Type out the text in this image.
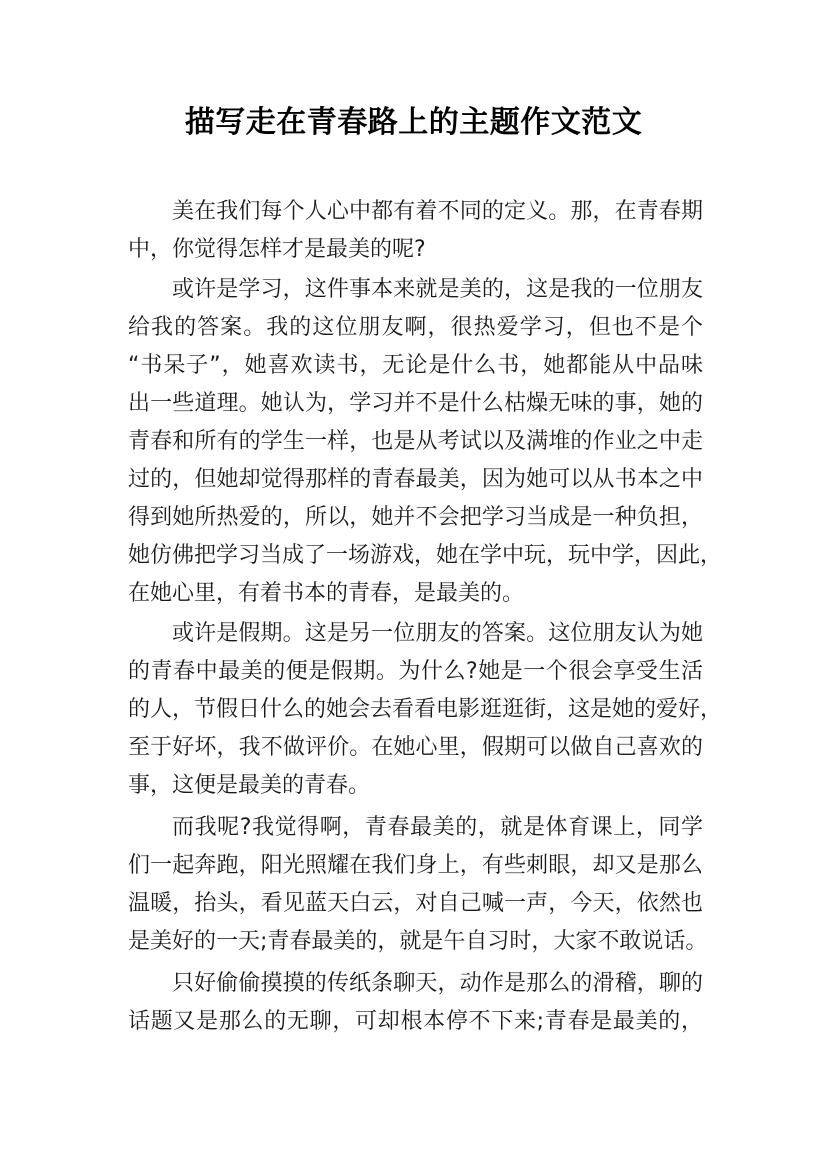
描写走在青春路上的主题作文范文
美在我们每个人心中都有着不同的定义。那，在青春期
中，你觉得怎样才是最美的呢?
或许是学习，这件事本来就是美的，这是我的一位朋友
给我的答案。我的这位朋友啊，很热爱学习，但也不是个
“书呆子”，她喜欢读书，无论是什么书，她都能从中品味
出一些道理。她认为，学习并不是什么枯燥无味的事，她的
青春和所有的学生一样，也是从考试以及满堆的作业之中走
过的，但她却觉得那样的青春最美，因为她可以从书本之中
得到她所热爱的，所以，她并不会把学习当成是一种负担，
她仿佛把学习当成了一场游戏，她在学中玩，玩中学，因此，
在她心里，有着书本的青春，是最美的。
或许是假期。这是另一位朋友的答案。这位朋友认为她
的青春中最美的便是假期。为什么?她是一个很会享受生活
的人，节假日什么的她会去看看电影逛逛街，这是她的爱好，
至于好坏，我不做评价。在她心里，假期可以做自己喜欢的
事，这便是最美的青春。
而我呢?我觉得啊，青春最美的，就是体育课上，同学
们一起奔跑，阳光照耀在我们身上，有些刺眼，却又是那么
温暖，抬头，看见蓝天白云，对自己喊一声，今天，依然也
是美好的一天;青春最美的，就是午自习时，大家不敢说话。
只好偷偷摸摸的传纸条聊天，动作是那么的滑稽，聊的
话题又是那么的无聊，可却根本停不下来;青春是最美的，
